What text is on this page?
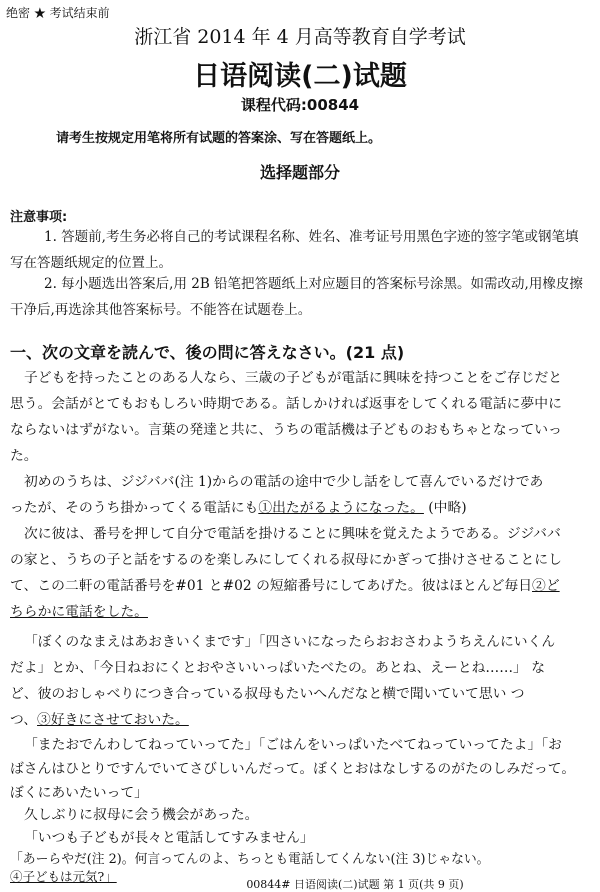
绝密 ★ 考试结束前
浙江省 2014 年 4 月高等教育自学考试
日语阅读(二)试题
课程代码:00844
请考生按规定用笔将所有试题的答案涂、写在答题纸上。
选择题部分
注意事项:
1. 答题前,考生务必将自己的考试课程名称、姓名、准考证号用黑色字迹的签字笔或钢笔填写在答题纸规定的位置上。
2. 每小题选出答案后,用 2B 铅笔把答题纸上对应题目的答案标号涂黑。如需改动,用橡皮擦干净后,再选涂其他答案标号。不能答在试题卷上。
一、次の文章を読んで、後の問に答えなさい。(21 点)
子どもを持ったことのある人なら、三歳の子どもが電話に興味を持つことをご存じだと
思う。会話がとてもおもしろい時期である。話しかければ返事をしてくれる電話に夢中に
ならないはずがない。言葉の発達と共に、うちの電話機は子どものおもちゃとなっていっ
た。
初めのうちは、ジジババ(注 1)からの電話の途中で少し話をして喜んでいるだけであ
ったが、そのうち掛かってくる電話にも①出たがるようになった。 (中略)
次に彼は、番号を押して自分で電話を掛けることに興味を覚えたようである。ジジババ
の家と、うちの子と話をするのを楽しみにしてくれる叔母にかぎって掛けさせることにし
て、この二軒の電話番号を#01 と#02 の短縮番号にしてあげた。彼はほとんど毎日②ど
ちらかに電話をした。
「ぼくのなまえはあおきいくまです」「四さいになったらおおさわようちえんにいくん
だよ」とか、「今日ねおにくとおやさいいっぱいたべたの。あとね、えーとね……」 な
ど、彼のおしゃべりにつき合っている叔母もたいへんだなと横で聞いていて思い つ
つ、③好きにさせておいた。
「またおでんわしてねっていってた」「ごはんをいっぱいたべてねっていってたよ」「お
ばさんはひとりですんでいてさびしいんだって。ぼくとおはなしするのがたのしみだって。
ぼくにあいたいって」
久しぶりに叔母に会う機会があった。
「いつも子どもが長々と電話してすみません」
「あーらやだ(注 2)。何言ってんのよ、ちっとも電話してくんない(注 3)じゃない。
④子どもは元気?」
00844# 日语阅读(二)试题 第 1 页(共 9 页)
